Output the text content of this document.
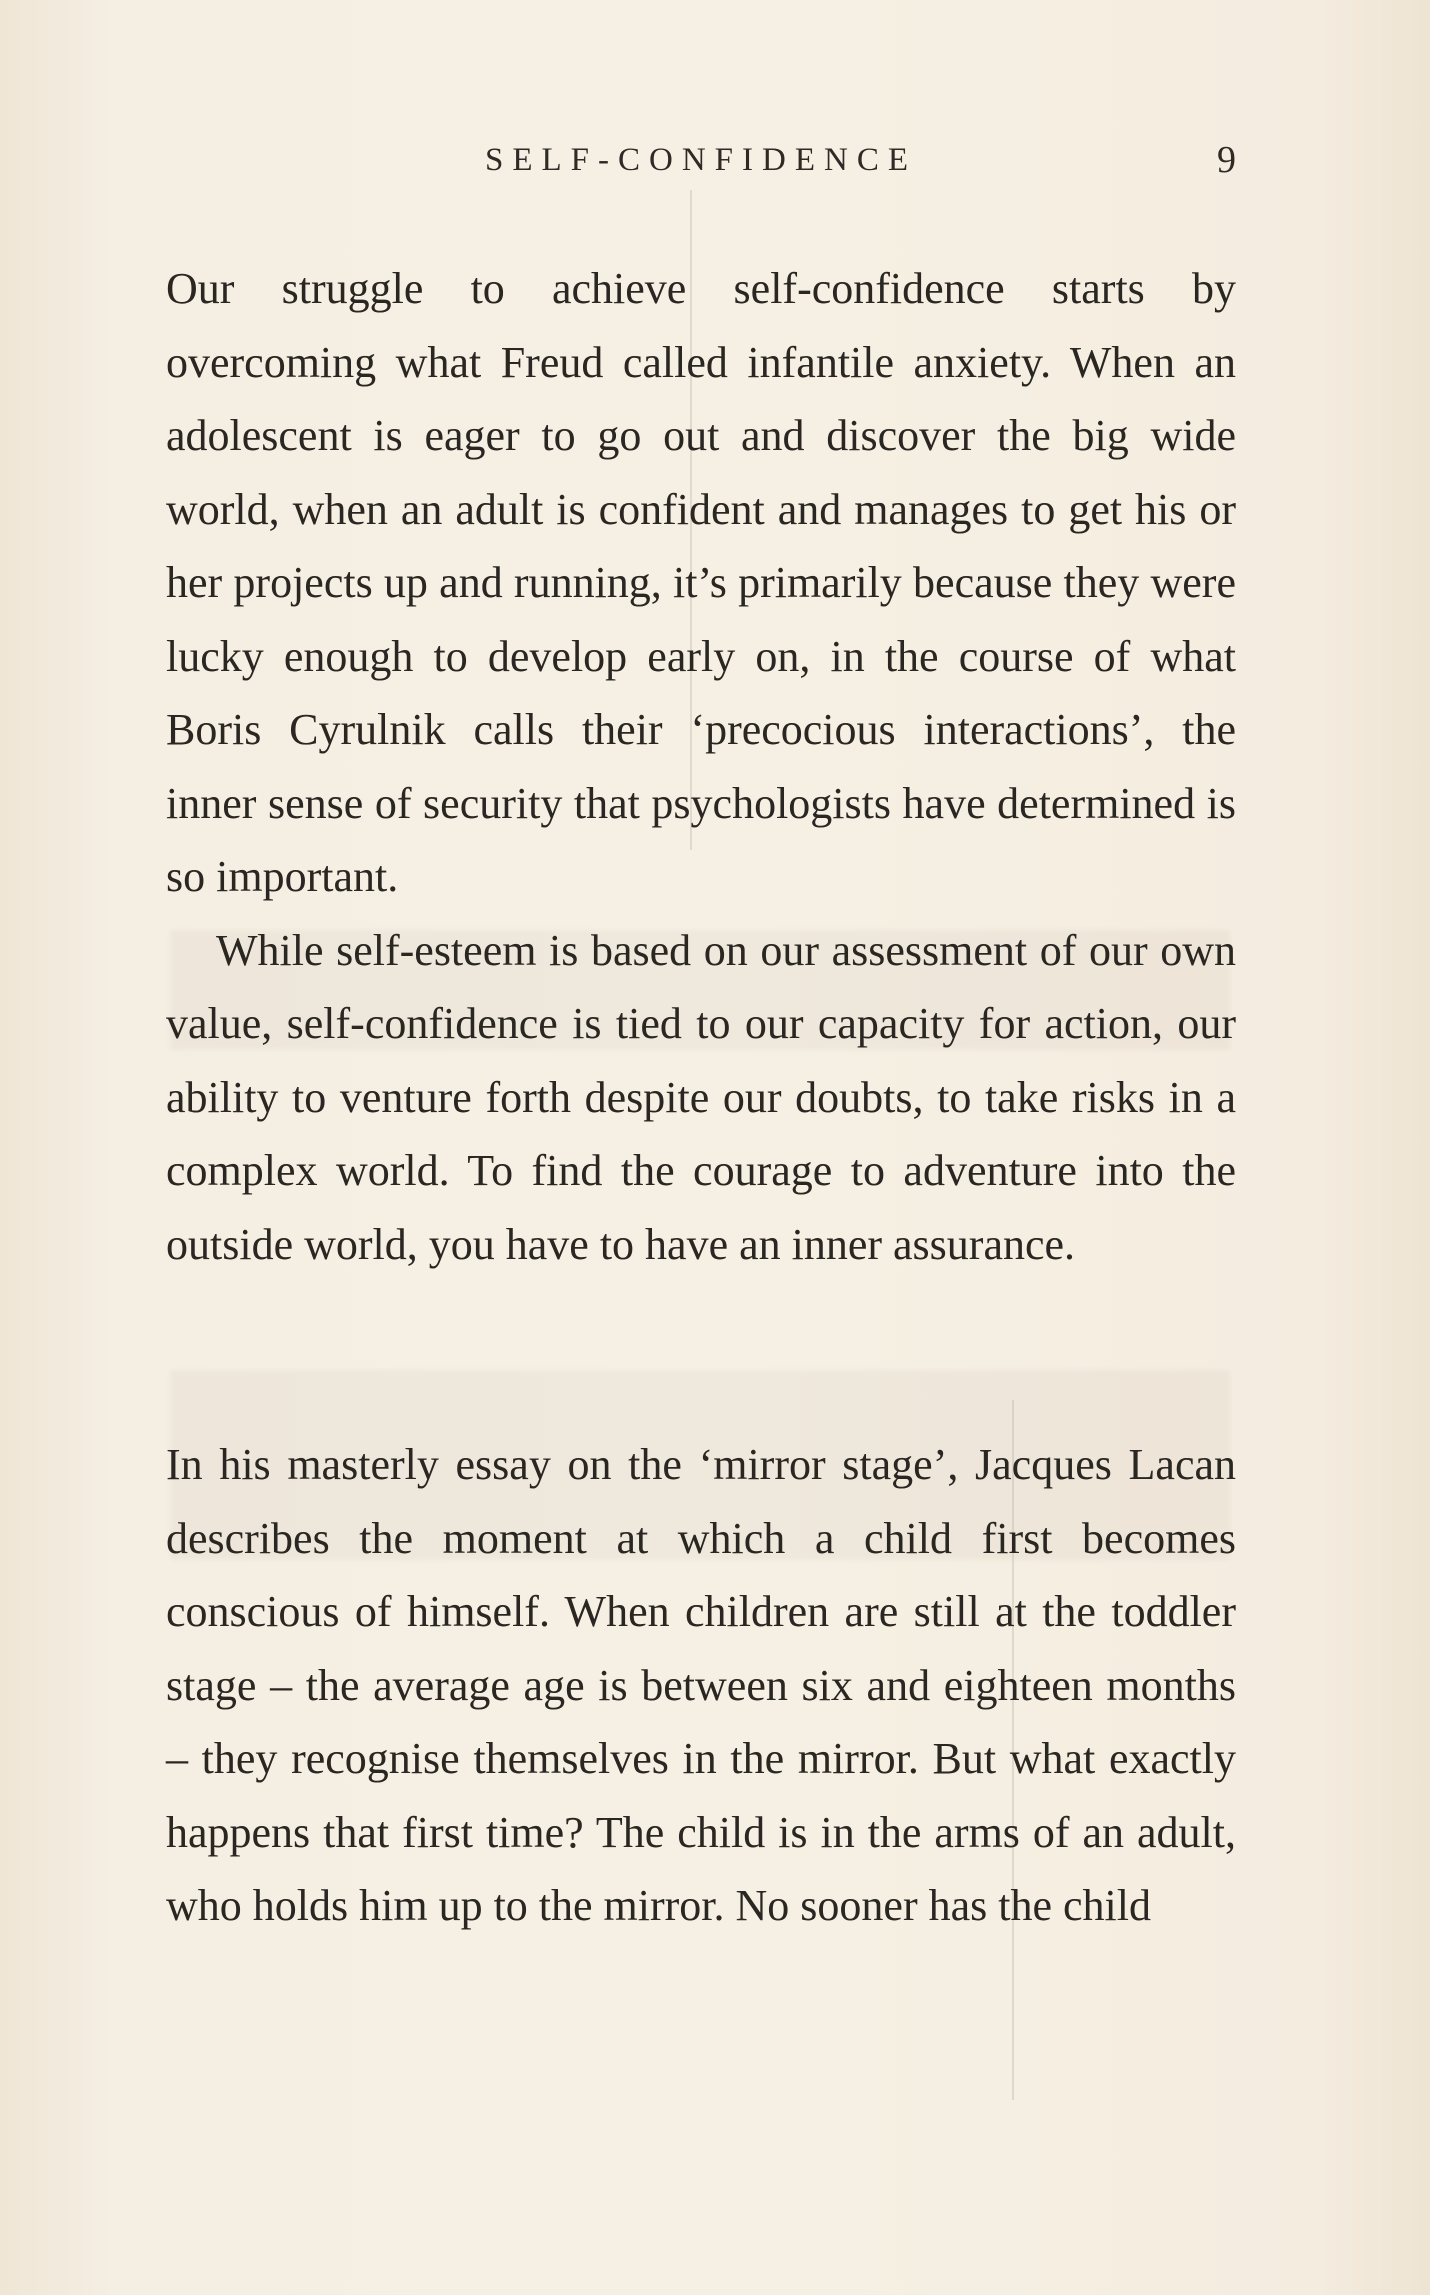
SELF-CONFIDENCE	9

Our struggle to achieve self-confidence starts by overcoming what Freud called infantile anxiety. When an adolescent is eager to go out and discover the big wide world, when an adult is confident and manages to get his or her projects up and running, it’s primarily because they were lucky enough to develop early on, in the course of what Boris Cyrulnik calls their ‘precocious interactions’, the inner sense of security that psychologists have determined is so important.

While self-esteem is based on our assessment of our own value, self-confidence is tied to our capacity for action, our ability to venture forth despite our doubts, to take risks in a complex world. To find the courage to adventure into the outside world, you have to have an inner assurance.

In his masterly essay on the ‘mirror stage’, Jacques Lacan describes the moment at which a child first becomes conscious of himself. When children are still at the toddler stage – the average age is between six and eighteen months – they recognise themselves in the mirror. But what exactly happens that first time? The child is in the arms of an adult, who holds him up to the mirror. No sooner has the child
